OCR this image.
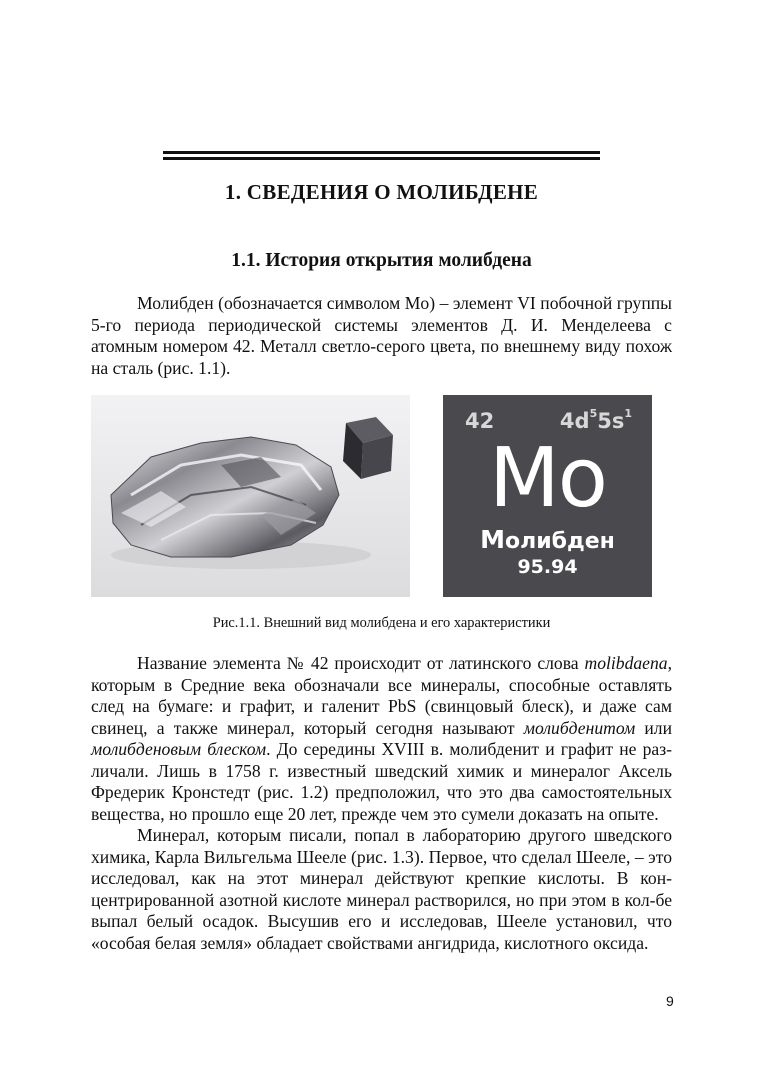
1. СВЕДЕНИЯ О МОЛИБДЕНЕ
1.1. История открытия молибдена

Молибден (обозначается символом Mo) – элемент VI побочной группы 5-го периода периодической системы элементов Д. И. Менделеева с атомным номером 42. Металл светло-серого цвета, по внешнему виду похож на сталь (рис. 1.1).

42	$4d^55s^1$
Mo
Молибден
95.94
Рис.1.1. Внешний вид молибдена и его характеристики

Название элемента № 42 происходит от латинского слова molibdaena, которым в Средние века обозначали все минералы, способные оставлять след на бумаге: и графит, и галенит PbS (свинцовый блеск), и даже сам свинец, а также минерал, который сегодня называют молибденитом или молибденовым блеском. До середины XVIII в. молибденит и графит не раз-личали. Лишь в 1758 г. известный шведский химик и минералог Аксель Фредерик Кронстедт (рис. 1.2) предположил, что это два самостоятельных вещества, но прошло еще 20 лет, прежде чем это сумели доказать на опыте.

Минерал, которым писали, попал в лабораторию другого шведского химика, Карла Вильгельма Шееле (рис. 1.3). Первое, что сделал Шееле, – это исследовал, как на этот минерал действуют крепкие кислоты. В кон-центрированной азотной кислоте минерал растворился, но при этом в кол-бе выпал белый осадок. Высушив его и исследовав, Шееле установил, что «особая белая земля» обладает свойствами ангидрида, кислотного оксида.

9
